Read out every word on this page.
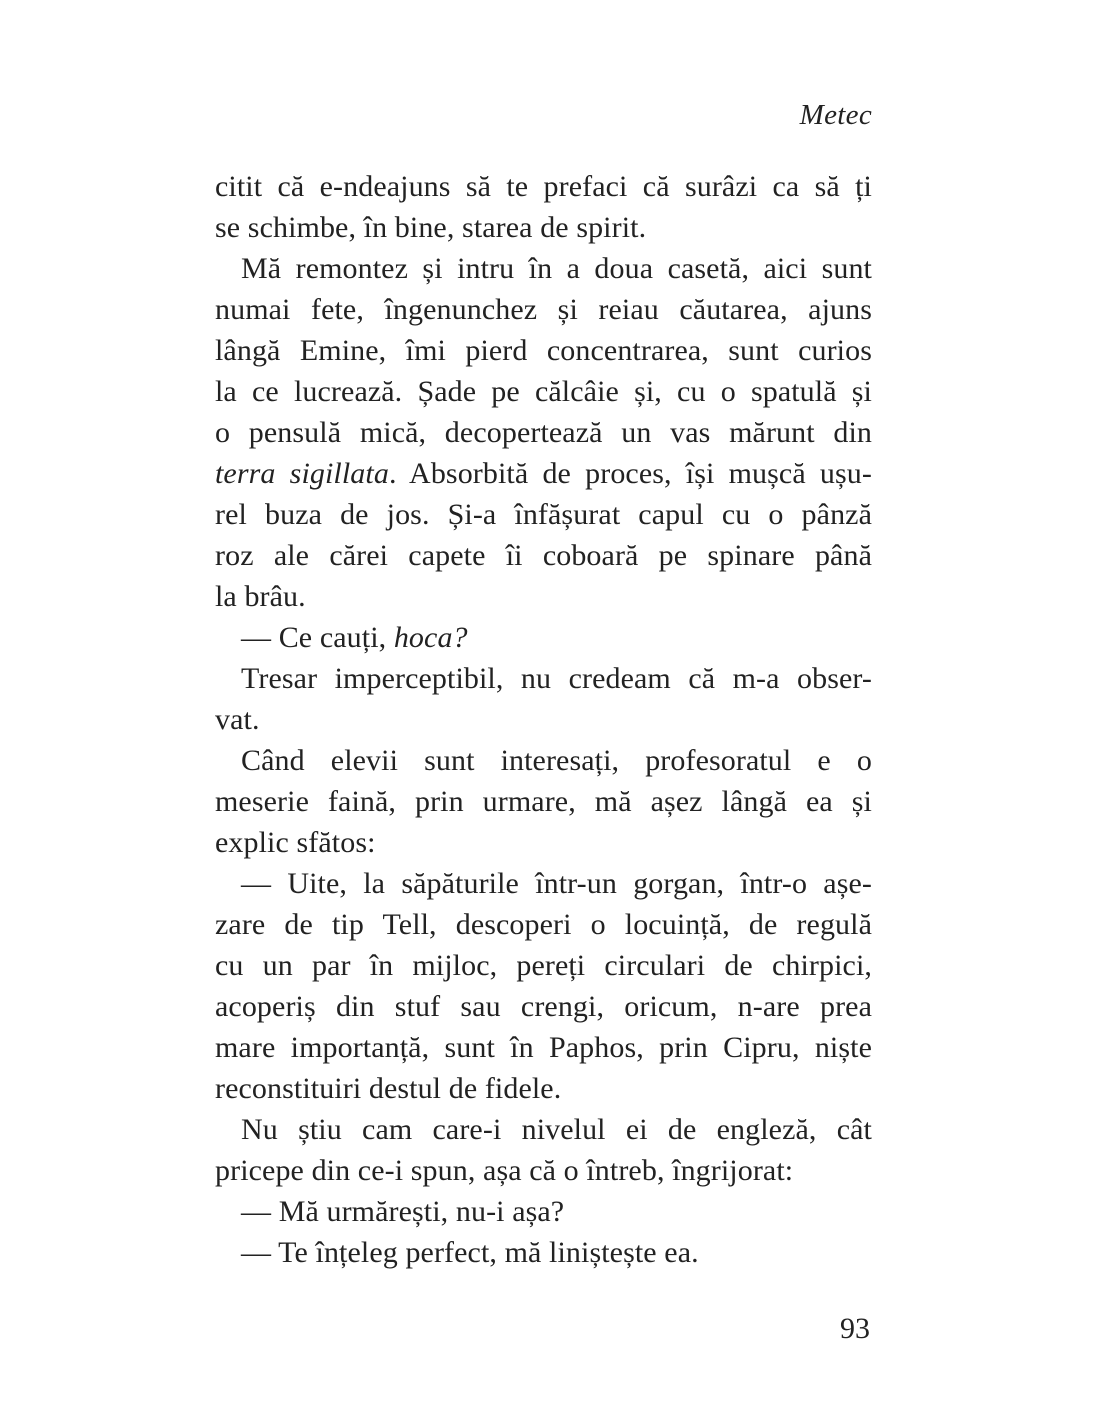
Metec
citit că e-ndeajuns să te prefaci că surâzi ca să ți
se schimbe, în bine, starea de spirit.
Mă remontez și intru în a doua casetă, aici sunt
numai fete, îngenunchez și reiau căutarea, ajuns
lângă Emine, îmi pierd concentrarea, sunt curios
la ce lucrează. Șade pe călcâie și, cu o spatulă și
o pensulă mică, decopertează un vas mărunt din
terra sigillata. Absorbită de proces, își mușcă ușu-
rel buza de jos. Și-a înfășurat capul cu o pânză
roz ale cărei capete îi coboară pe spinare până
la brâu.
— Ce cauți, hoca?
Tresar imperceptibil, nu credeam că m-a obser-
vat.
Când elevii sunt interesați, profesoratul e o
meserie faină, prin urmare, mă așez lângă ea și
explic sfătos:
— Uite, la săpăturile într-un gorgan, într-o așe-
zare de tip Tell, descoperi o locuință, de regulă
cu un par în mijloc, pereți circulari de chirpici,
acoperiș din stuf sau crengi, oricum, n-are prea
mare importanță, sunt în Paphos, prin Cipru, niște
reconstituiri destul de fidele.
Nu știu cam care-i nivelul ei de engleză, cât
pricepe din ce-i spun, așa că o întreb, îngrijorat:
— Mă urmărești, nu-i așa?
— Te înțeleg perfect, mă liniștește ea.
93
